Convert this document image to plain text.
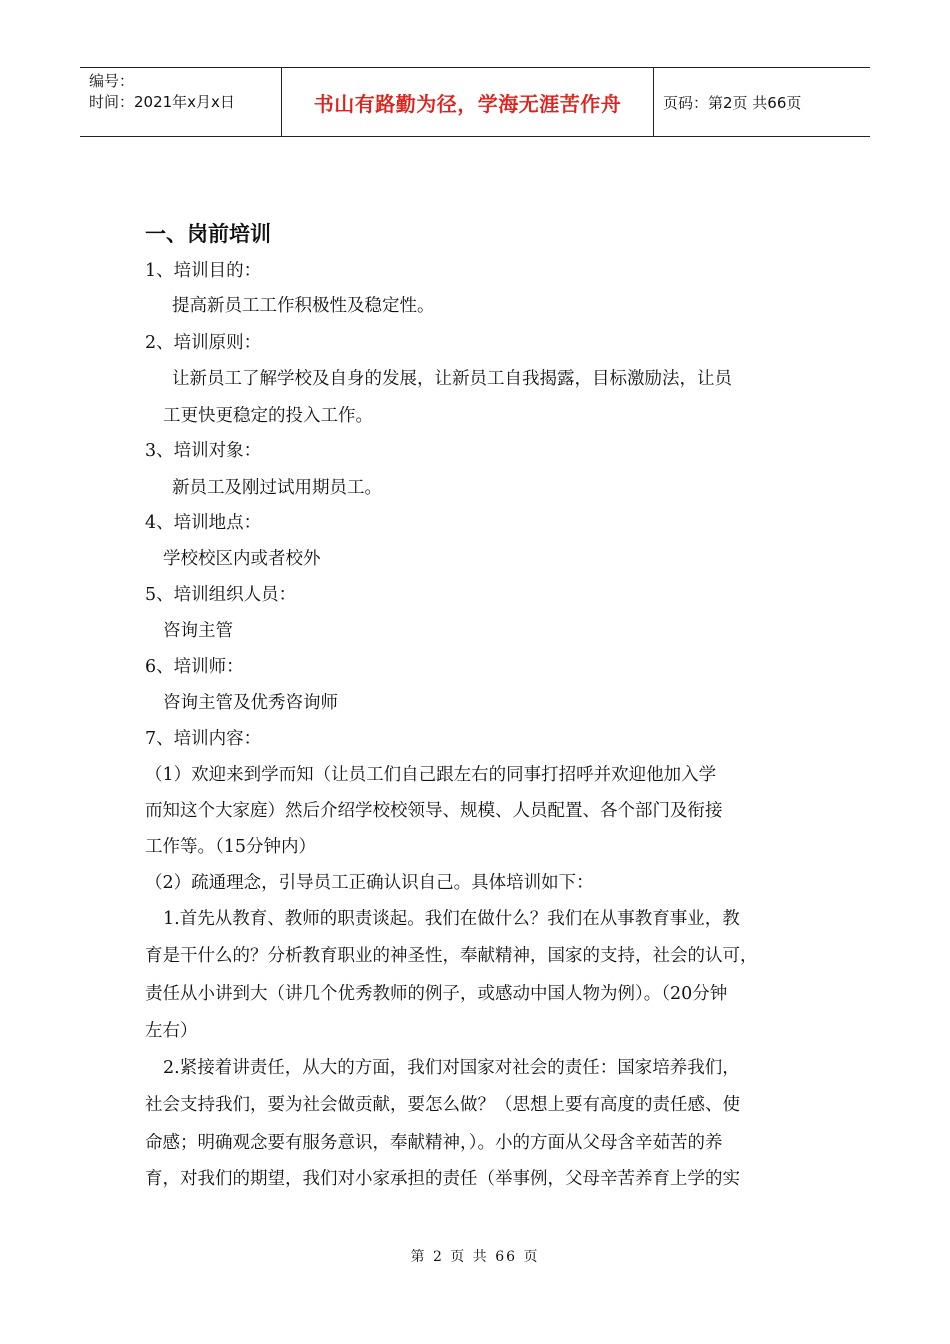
编号：
时间：2021年x月x日	书山有路勤为径，学海无涯苦作舟	页码：第2页 共66页
一、岗前培训
1、培训目的：
提高新员工工作积极性及稳定性。
2、培训原则：
让新员工了解学校及自身的发展，让新员工自我揭露，目标激励法，让员
工更快更稳定的投入工作。
3、培训对象：
新员工及刚过试用期员工。
4、培训地点：
学校校区内或者校外
5、培训组织人员：
咨询主管
6、培训师：
咨询主管及优秀咨询师
7、培训内容：
（1）欢迎来到学而知（让员工们自己跟左右的同事打招呼并欢迎他加入学
而知这个大家庭）然后介绍学校校领导、规模、人员配置、各个部门及衔接
工作等。（15分钟内）
（2）疏通理念，引导员工正确认识自己。具体培训如下：
1.首先从教育、教师的职责谈起。我们在做什么？我们在从事教育事业，教
育是干什么的？分析教育职业的神圣性，奉献精神，国家的支持，社会的认可，
责任从小讲到大（讲几个优秀教师的例子，或感动中国人物为例）。（20分钟
左右）
2.紧接着讲责任，从大的方面，我们对国家对社会的责任：国家培养我们，
社会支持我们，要为社会做贡献，要怎么做？（思想上要有高度的责任感、使
命感；明确观念要有服务意识，奉献精神，）。小的方面从父母含辛茹苦的养
育，对我们的期望，我们对小家承担的责任（举事例，父母辛苦养育上学的实
第 2 页 共 66 页
